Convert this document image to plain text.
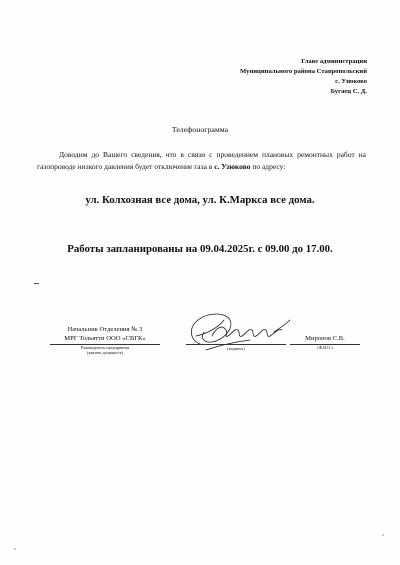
Главе администрации
Муниципального района Ставропольский
с. Узюково
Бугаец С. Д.
Телефонограмма
Доводим до Вашего сведения, что в связи с проведением плановых ремонтных работ на газопроводе низкого давления будет отключение газа в с. Узюково по адресу:
ул. Колхозная все дома, ул. К.Маркса все дома.
Работы запланированы на 09.04.2025г. с 09.00 до 17.00.
Начальник Отделения № 3
МРГ Тольятти ООО «СВГК»
Руководитель предприятия
(указать должность)
(подпись)
Миронов С.В.
(Ф.И.О.)
